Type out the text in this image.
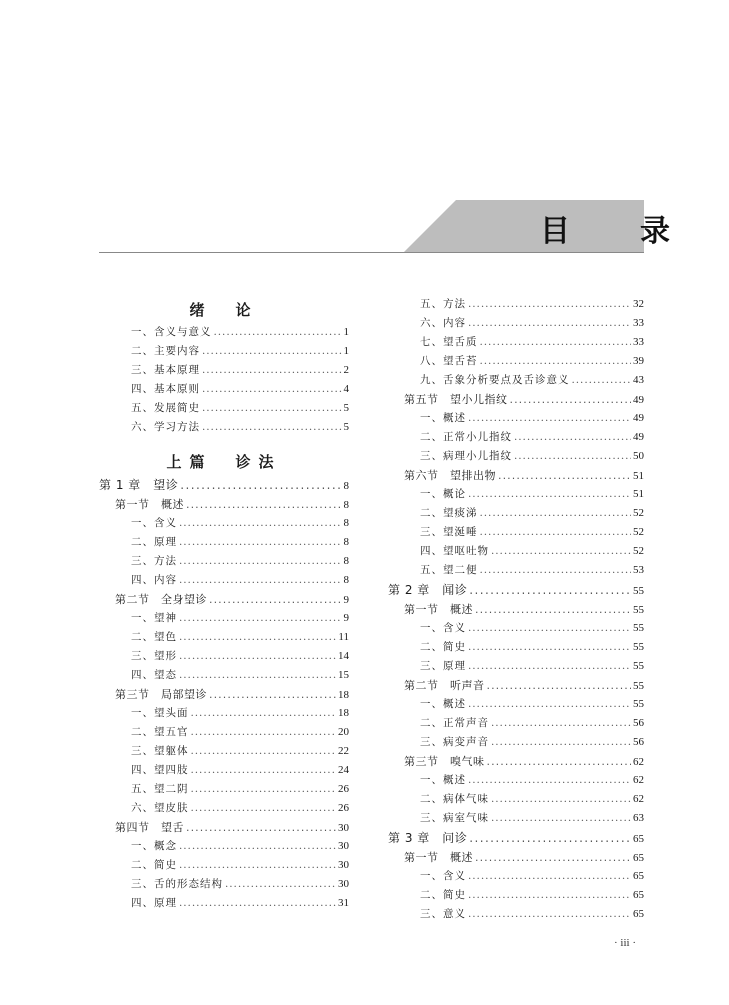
目　录
绪　论
一、含义与意义 . . .	1
二、主要内容 . . .	1
三、基本原理 . . .	2
四、基本原则 . . .	4
五、发展简史 . . .	5
六、学习方法 . . .	5
上篇　诊法
第 1 章　望诊 . . .	8
第一节　概述 . . .	8
一、含义 . . .	8
二、原理 . . .	8
三、方法 . . .	8
四、内容 . . .	8
第二节　全身望诊 . . .	9
一、望神 . . .	9
二、望色 . . .	11
三、望形 . . .	14
四、望态 . . .	15
第三节　局部望诊 . . .	18
一、望头面 . . .	18
二、望五官 . . .	20
三、望躯体 . . .	22
四、望四肢 . . .	24
五、望二阴 . . .	26
六、望皮肤 . . .	26
第四节　望舌 . . .	30
一、概念 . . .	30
二、简史 . . .	30
三、舌的形态结构 . . .	30
四、原理 . . .	31
五、方法 . . .	32
六、内容 . . .	33
七、望舌质 . . .	33
八、望舌苔 . . .	39
九、舌象分析要点及舌诊意义 . . .	43
第五节　望小儿指纹 . . .	49
一、概述 . . .	49
二、正常小儿指纹 . . .	49
三、病理小儿指纹 . . .	50
第六节　望排出物 . . .	51
一、概论 . . .	51
二、望痰涕 . . .	52
三、望涎唾 . . .	52
四、望呕吐物 . . .	52
五、望二便 . . .	53
第 2 章　闻诊 . . .	55
第一节　概述 . . .	55
一、含义 . . .	55
二、简史 . . .	55
三、原理 . . .	55
第二节　听声音 . . .	55
一、概述 . . .	55
二、正常声音 . . .	56
三、病变声音 . . .	56
第三节　嗅气味 . . .	62
一、概述 . . .	62
二、病体气味 . . .	62
三、病室气味 . . .	63
第 3 章　问诊 . . .	65
第一节　概述 . . .	65
一、含义 . . .	65
二、简史 . . .	65
三、意义 . . .	65
· iii ·
